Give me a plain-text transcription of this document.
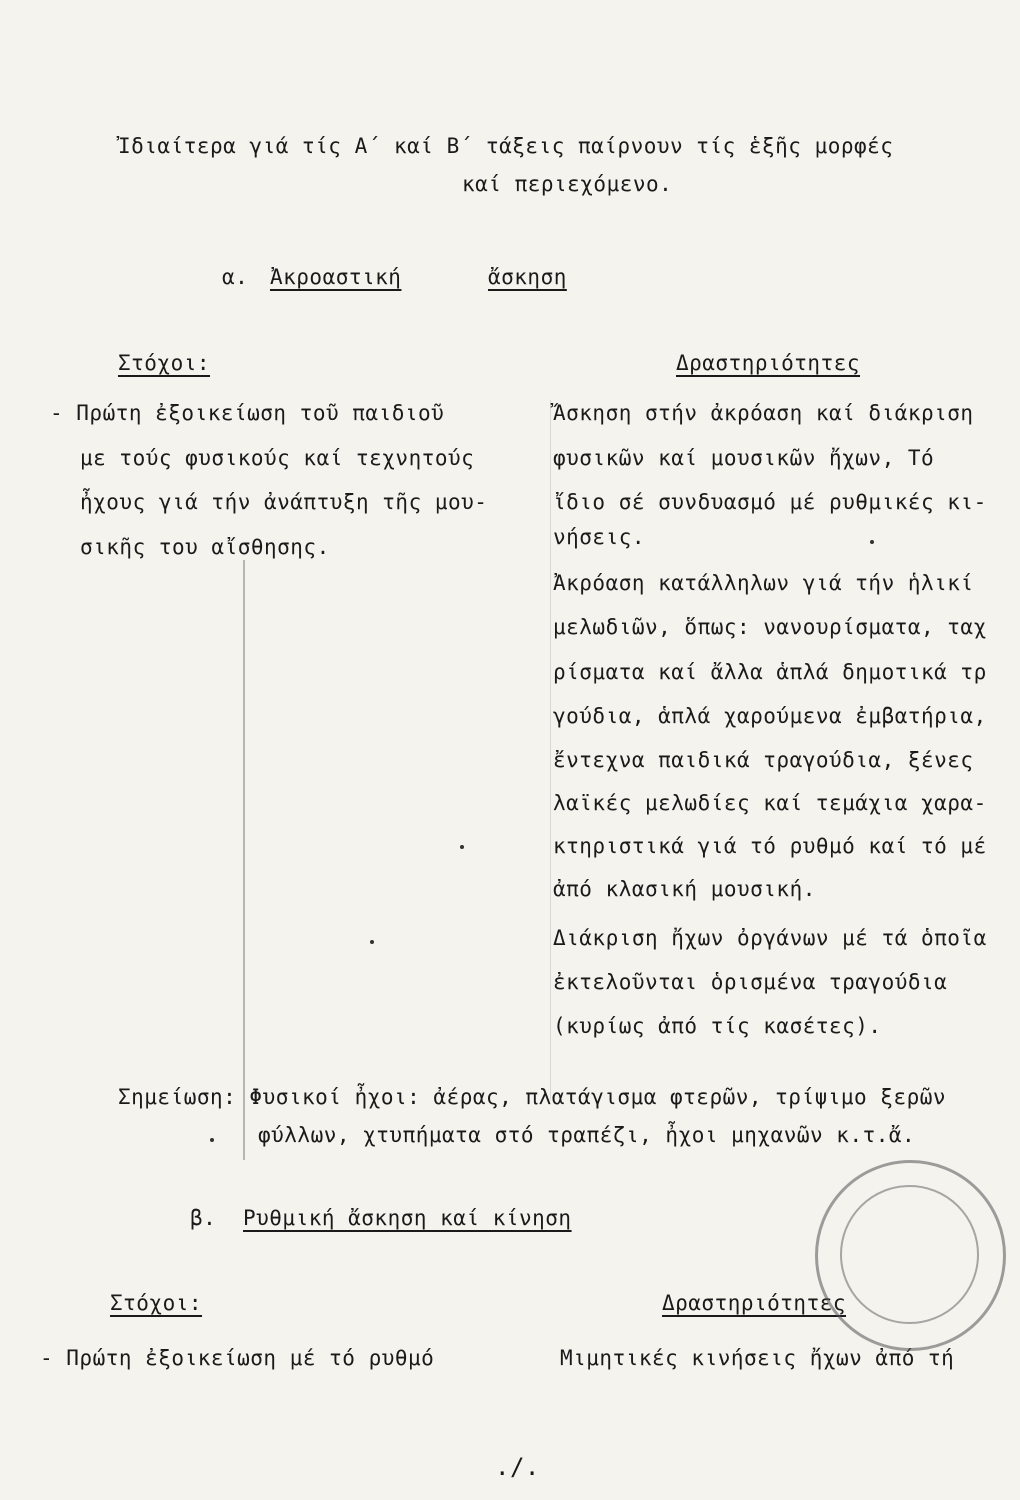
Ἰδιαίτερα γιά τίς Α΄ καί Β΄ τάξεις παίρνουν τίς ἑξῆς μορφές
καί περιεχόμενο.
α. Ἀκροαστική	ἄσκηση
Στόχοι:	Δραστηριότητες
- Πρώτη ἐξοικείωση τοῦ παιδιοῦ
με τούς φυσικούς καί τεχνητούς
ἦχους γιά τήν ἀνάπτυξη τῆς μου-
σικῆς του αἴσθησης.
Ἄσκηση στήν ἀκρόαση καί διάκριση
φυσικῶν καί μουσικῶν ἤχων, Τό
ἴδιο σέ συνδυασμό μέ ρυθμικές κι-
νήσεις.
Ἀκρόαση κατάλληλων γιά τήν ἡλικί
μελωδιῶν, ὅπως: νανουρίσματα, ταχ
ρίσματα καί ἄλλα ἁπλά δημοτικά τρ
γούδια, ἁπλά χαρούμενα ἐμβατήρια,
ἔντεχνα παιδικά τραγούδια, ξένες
λαϊκές μελωδίες καί τεμάχια χαρα-
κτηριστικά γιά τό ρυθμό καί τό μέ
ἀπό κλασική μουσική.
Διάκριση ἤχων ὀργάνων μέ τά ὁποῖα
ἐκτελοῦνται ὁρισμένα τραγούδια
(κυρίως ἀπό τίς κασέτες).
Σημείωση: Φυσικοί ἦχοι: ἀέρας, πλατάγισμα φτερῶν, τρίψιμο ξερῶν
φύλλων, χτυπήματα στό τραπέζι, ἦχοι μηχανῶν κ.τ.ἄ.
β. Ρυθμική ἄσκηση καί κίνηση
Στόχοι:	Δραστηριότητες
- Πρώτη ἐξοικείωση μέ τό ρυθμό	Μιμητικές κινήσεις ἤχων ἀπό τή
./.
